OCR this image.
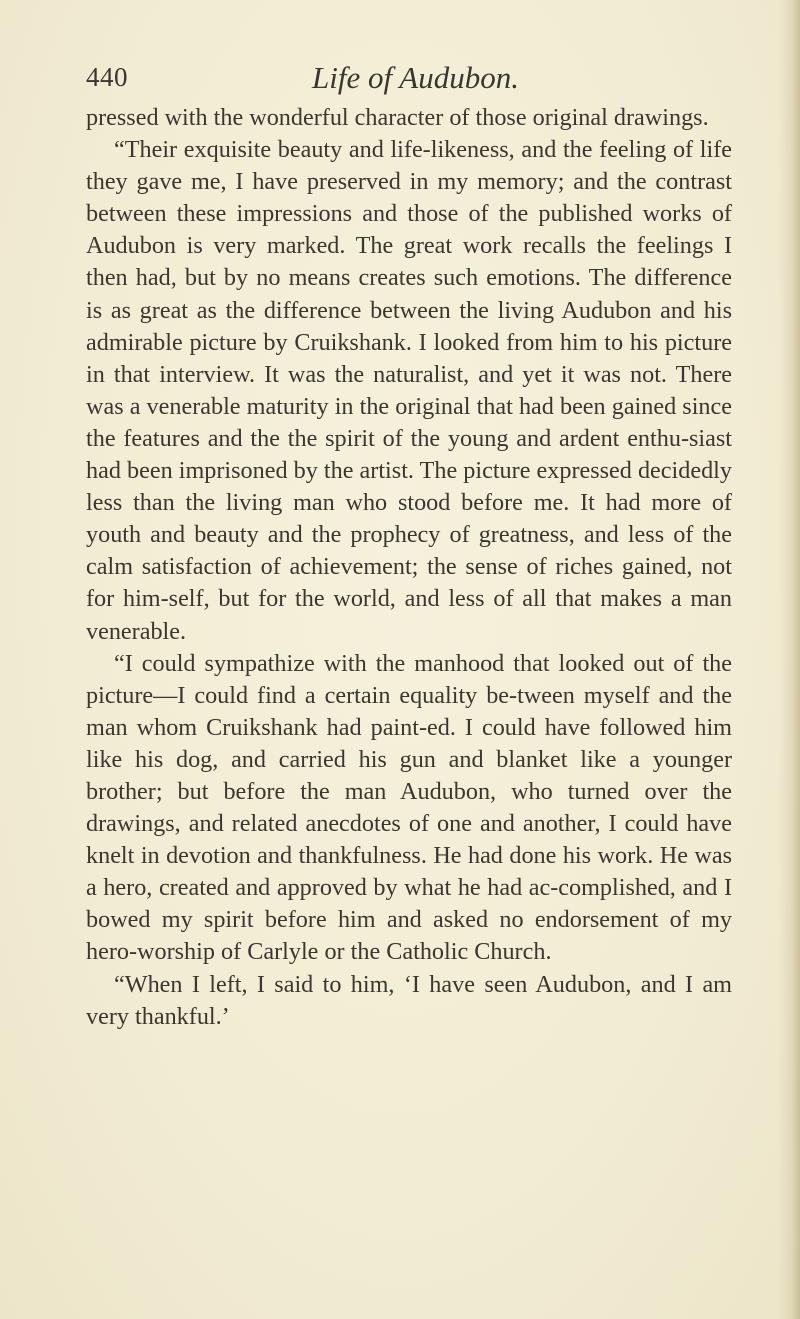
440	Life of Audubon.

pressed with the wonderful character of those original drawings.

“Their exquisite beauty and life-likeness, and the feeling of life they gave me, I have preserved in my memory; and the contrast between these impressions and those of the published works of Audubon is very marked. The great work recalls the feelings I then had, but by no means creates such emotions. The difference is as great as the difference between the living Audubon and his admirable picture by Cruikshank. I looked from him to his picture in that interview. It was the naturalist, and yet it was not. There was a venerable maturity in the original that had been gained since the features and the the spirit of the young and ardent enthu-siast had been imprisoned by the artist. The picture expressed decidedly less than the living man who stood before me. It had more of youth and beauty and the prophecy of greatness, and less of the calm satisfaction of achievement; the sense of riches gained, not for him-self, but for the world, and less of all that makes a man venerable.

“I could sympathize with the manhood that looked out of the picture—I could find a certain equality be-tween myself and the man whom Cruikshank had paint-ed. I could have followed him like his dog, and carried his gun and blanket like a younger brother; but before the man Audubon, who turned over the drawings, and related anecdotes of one and another, I could have knelt in devotion and thankfulness. He had done his work. He was a hero, created and approved by what he had ac-complished, and I bowed my spirit before him and asked no endorsement of my hero-worship of Carlyle or the Catholic Church.

“When I left, I said to him, ‘I have seen Audubon, and I am very thankful.’
